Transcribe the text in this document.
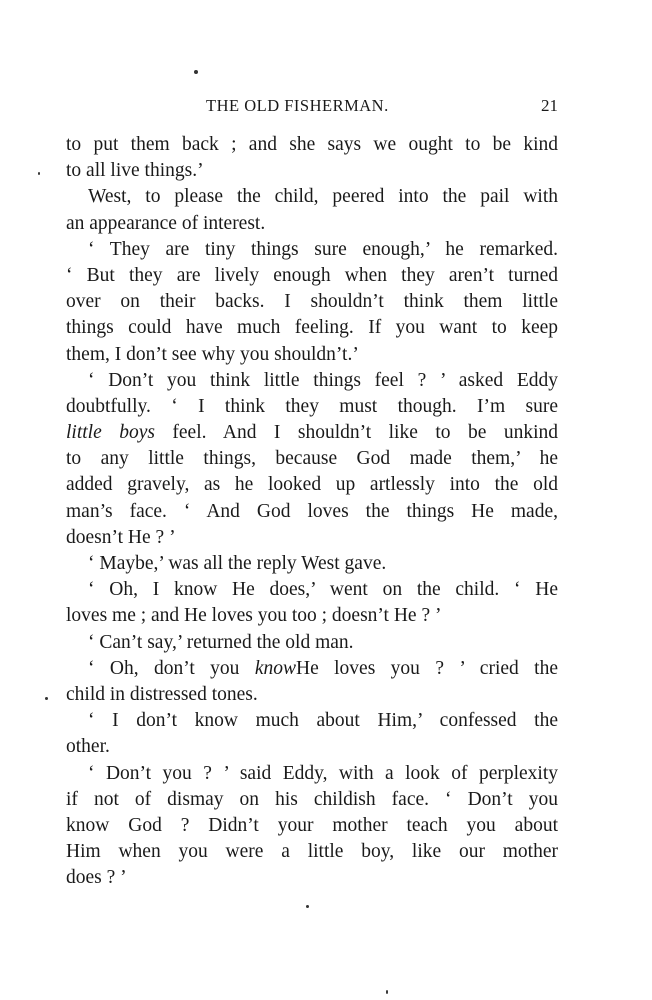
THE OLD FISHERMAN.	21
to put them back ; and she says we ought to be kind
to all live things.’
West, to please the child, peered into the pail with
an appearance of interest.
‘ They are tiny things sure enough,’ he remarked.
‘ But they are lively enough when they aren’t turned
over on their backs. I shouldn’t think them little
things could have much feeling. If you want to keep
them, I don’t see why you shouldn’t.’
‘ Don’t you think little things feel ? ’ asked Eddy
doubtfully. ‘ I think they must though. I’m sure
little boys feel. And I shouldn’t like to be unkind
to any little things, because God made them,’ he
added gravely, as he looked up artlessly into the old
man’s face. ‘ And God loves the things He made,
doesn’t He ? ’
‘ Maybe,’ was all the reply West gave.
‘ Oh, I know He does,’ went on the child. ‘ He
loves me ; and He loves you too ; doesn’t He ? ’
‘ Can’t say,’ returned the old man.
‘ Oh, don’t you knowHe loves you ? ’ cried the
child in distressed tones.
‘ I don’t know much about Him,’ confessed the
other.
‘ Don’t you ? ’ said Eddy, with a look of perplexity
if not of dismay on his childish face. ‘ Don’t you
know God ? Didn’t your mother teach you about
Him when you were a little boy, like our mother
does ? ’
